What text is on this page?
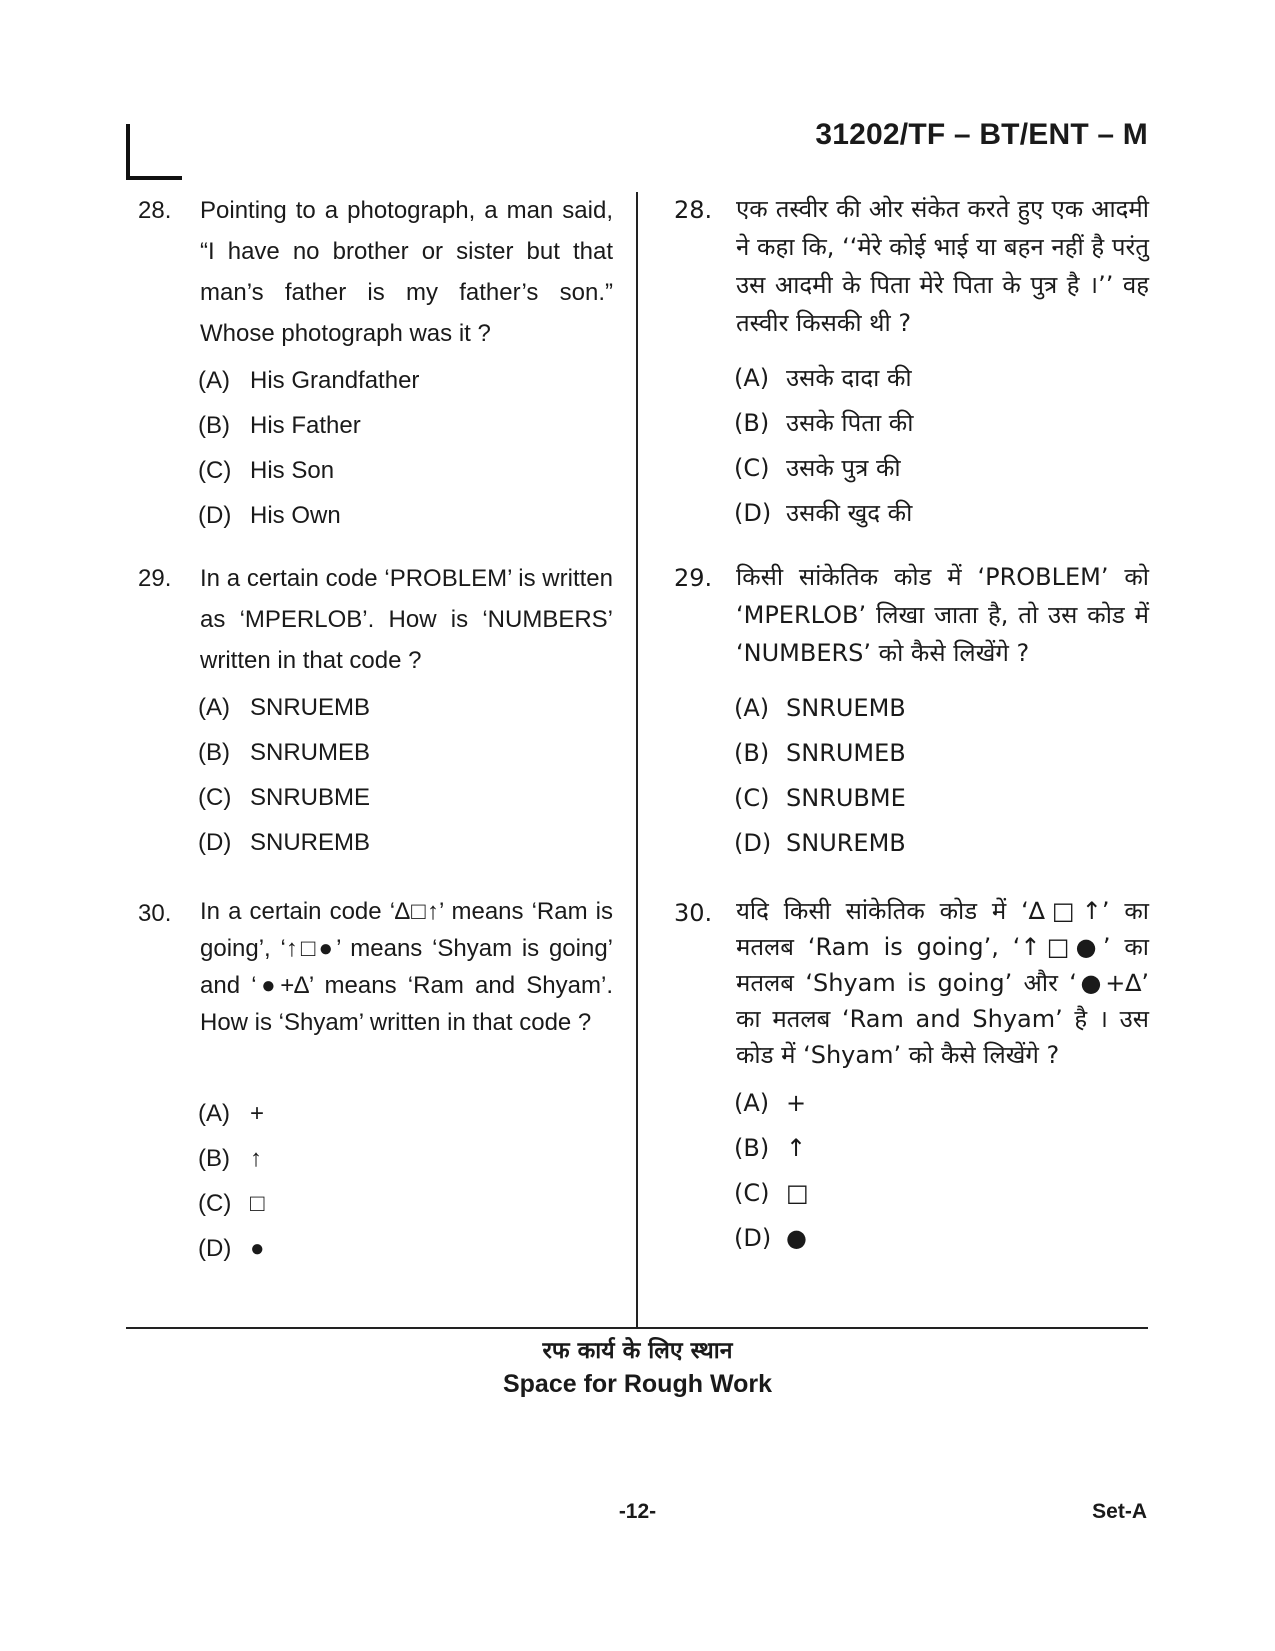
31202/TF – BT/ENT – M
28. Pointing to a photograph, a man said, “I have no brother or sister but that man’s father is my father’s son.” Whose photograph was it ?
(A) His Grandfather
(B) His Father
(C) His Son
(D) His Own
29. In a certain code ‘PROBLEM’ is written as ‘MPERLOB’. How is ‘NUMBERS’ written in that code ?
(A) SNRUEMB
(B) SNRUMEB
(C) SNRUBME
(D) SNUREMB
30. In a certain code ‘∆□↑’ means ‘Ram is going’, ‘↑□●’ means ‘Shyam is going’ and ‘●+∆’ means ‘Ram and Shyam’. How is ‘Shyam’ written in that code ?
(A) +
(B) ↑
(C) □
(D) ●
28. एक तस्वीर की ओर संकेत करते हुए एक आदमी ने कहा कि, ‘‘मेरे कोई भाई या बहन नहीं है परंतु उस आदमी के पिता मेरे पिता के पुत्र है ।’’ वह तस्वीर किसकी थी ?
(A) उसके दादा की
(B) उसके पिता की
(C) उसके पुत्र की
(D) उसकी खुद की
29. किसी सांकेतिक कोड में ‘PROBLEM’ को ‘MPERLOB’ लिखा जाता है, तो उस कोड में ‘NUMBERS’ को कैसे लिखेंगे ?
(A) SNRUEMB
(B) SNRUMEB
(C) SNRUBME
(D) SNUREMB
30. यदि किसी सांकेतिक कोड में ‘∆□↑’ का मतलब ‘Ram is going’, ‘↑□●’ का मतलब ‘Shyam is going’ और ‘●+∆’ का मतलब ‘Ram and Shyam’ है । उस कोड में ‘Shyam’ को कैसे लिखेंगे ?
(A) +
(B) ↑
(C) □
(D) ●
रफ कार्य के लिए स्थान
Space for Rough Work
-12-	Set-A
